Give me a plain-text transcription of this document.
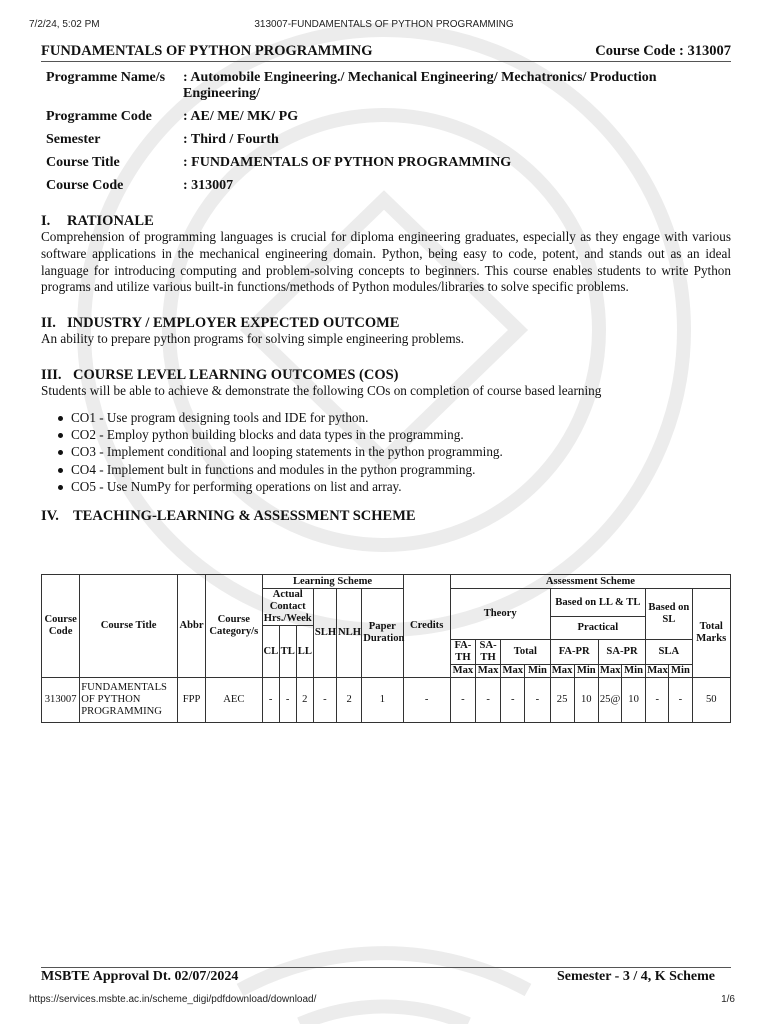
7/2/24, 5:02 PM	313007-FUNDAMENTALS OF PYTHON PROGRAMMING
FUNDAMENTALS OF PYTHON PROGRAMMING	Course Code : 313007
Programme Name/s	: Automobile Engineering./ Mechanical Engineering/ Mechatronics/ Production Engineering/
Programme Code	: AE/ ME/ MK/ PG
Semester	: Third / Fourth
Course Title	: FUNDAMENTALS OF PYTHON PROGRAMMING
Course Code	: 313007
I. RATIONALE

Comprehension of programming languages is crucial for diploma engineering graduates, especially as they engage with various software applications in the mechanical engineering domain. Python, being easy to code, potent, and stands out as an ideal language for introducing computing and problem-solving concepts to beginners. This course enables students to write Python programs and utilize various built-in functions/methods of Python modules/libraries to solve specific problems.

II. INDUSTRY / EMPLOYER EXPECTED OUTCOME

An ability to prepare python programs for solving simple engineering problems.

III. COURSE LEVEL LEARNING OUTCOMES (COS)

Students will be able to achieve & demonstrate the following COs on completion of course based learning

CO1 - Use program designing tools and IDE for python.
CO2 - Employ python building blocks and data types in the programming.
CO3 - Implement conditional and looping statements in the python programming.
CO4 - Implement bult in functions and modules in the python programming.
CO5 - Use NumPy for performing operations on list and array.
IV. TEACHING-LEARNING & ASSESSMENT SCHEME
Course Code	Course Title	Abbr	Course Category/s	Learning Scheme						Credits	Assessment Scheme										
				Actual Contact Hrs./Week			SLH	NLH	Paper Duration		Theory				Based on LL & TL				Based on SL		Total Marks
															Practical						
				CL	TL	LL															
											FA- TH	SA- TH	Total		FA-PR		SA-PR		SLA		
											Max	Max	Max	Min	Max	Min	Max	Min	Max	Min	
313007	FUNDAMENTALS OF PYTHON PROGRAMMING	FPP	AEC	-	-	2	-	2	1	-	-	-	-	-	25	10	25@	10	-	-	50
MSBTE Approval Dt. 02/07/2024	Semester - 3 / 4, K Scheme
https://services.msbte.ac.in/scheme_digi/pdfdownload/download/	1/6
